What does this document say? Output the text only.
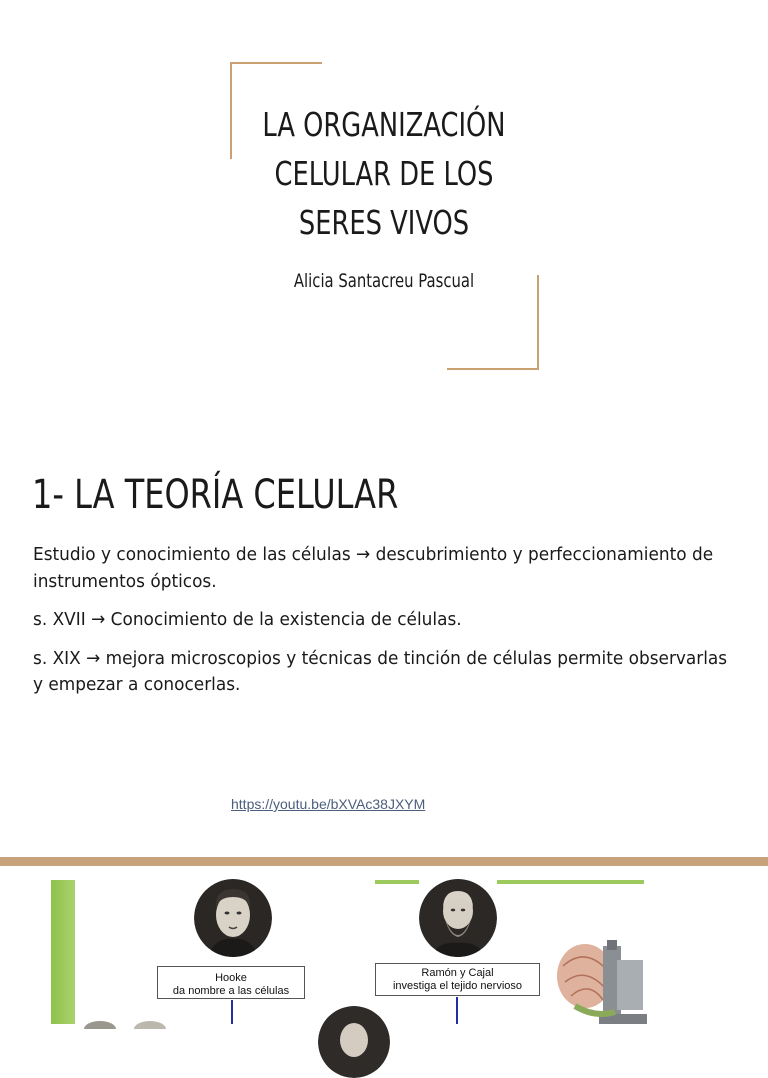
LA ORGANIZACIÓN
CELULAR DE LOS
SERES VIVOS

Alicia Santacreu Pascual

1- LA TEORÍA CELULAR

Estudio y conocimiento de las células → descubrimiento y perfeccionamiento de instrumentos ópticos.

s. XVII → Conocimiento de la existencia de células.

s. XIX → mejora microscopios y técnicas de tinción de células permite observarlas y empezar a conocerlas.

https://youtu.be/bXVAc38JXYM
Hooke
da nombre a las células
Ramón y Cajal
investiga el tejido nervioso
